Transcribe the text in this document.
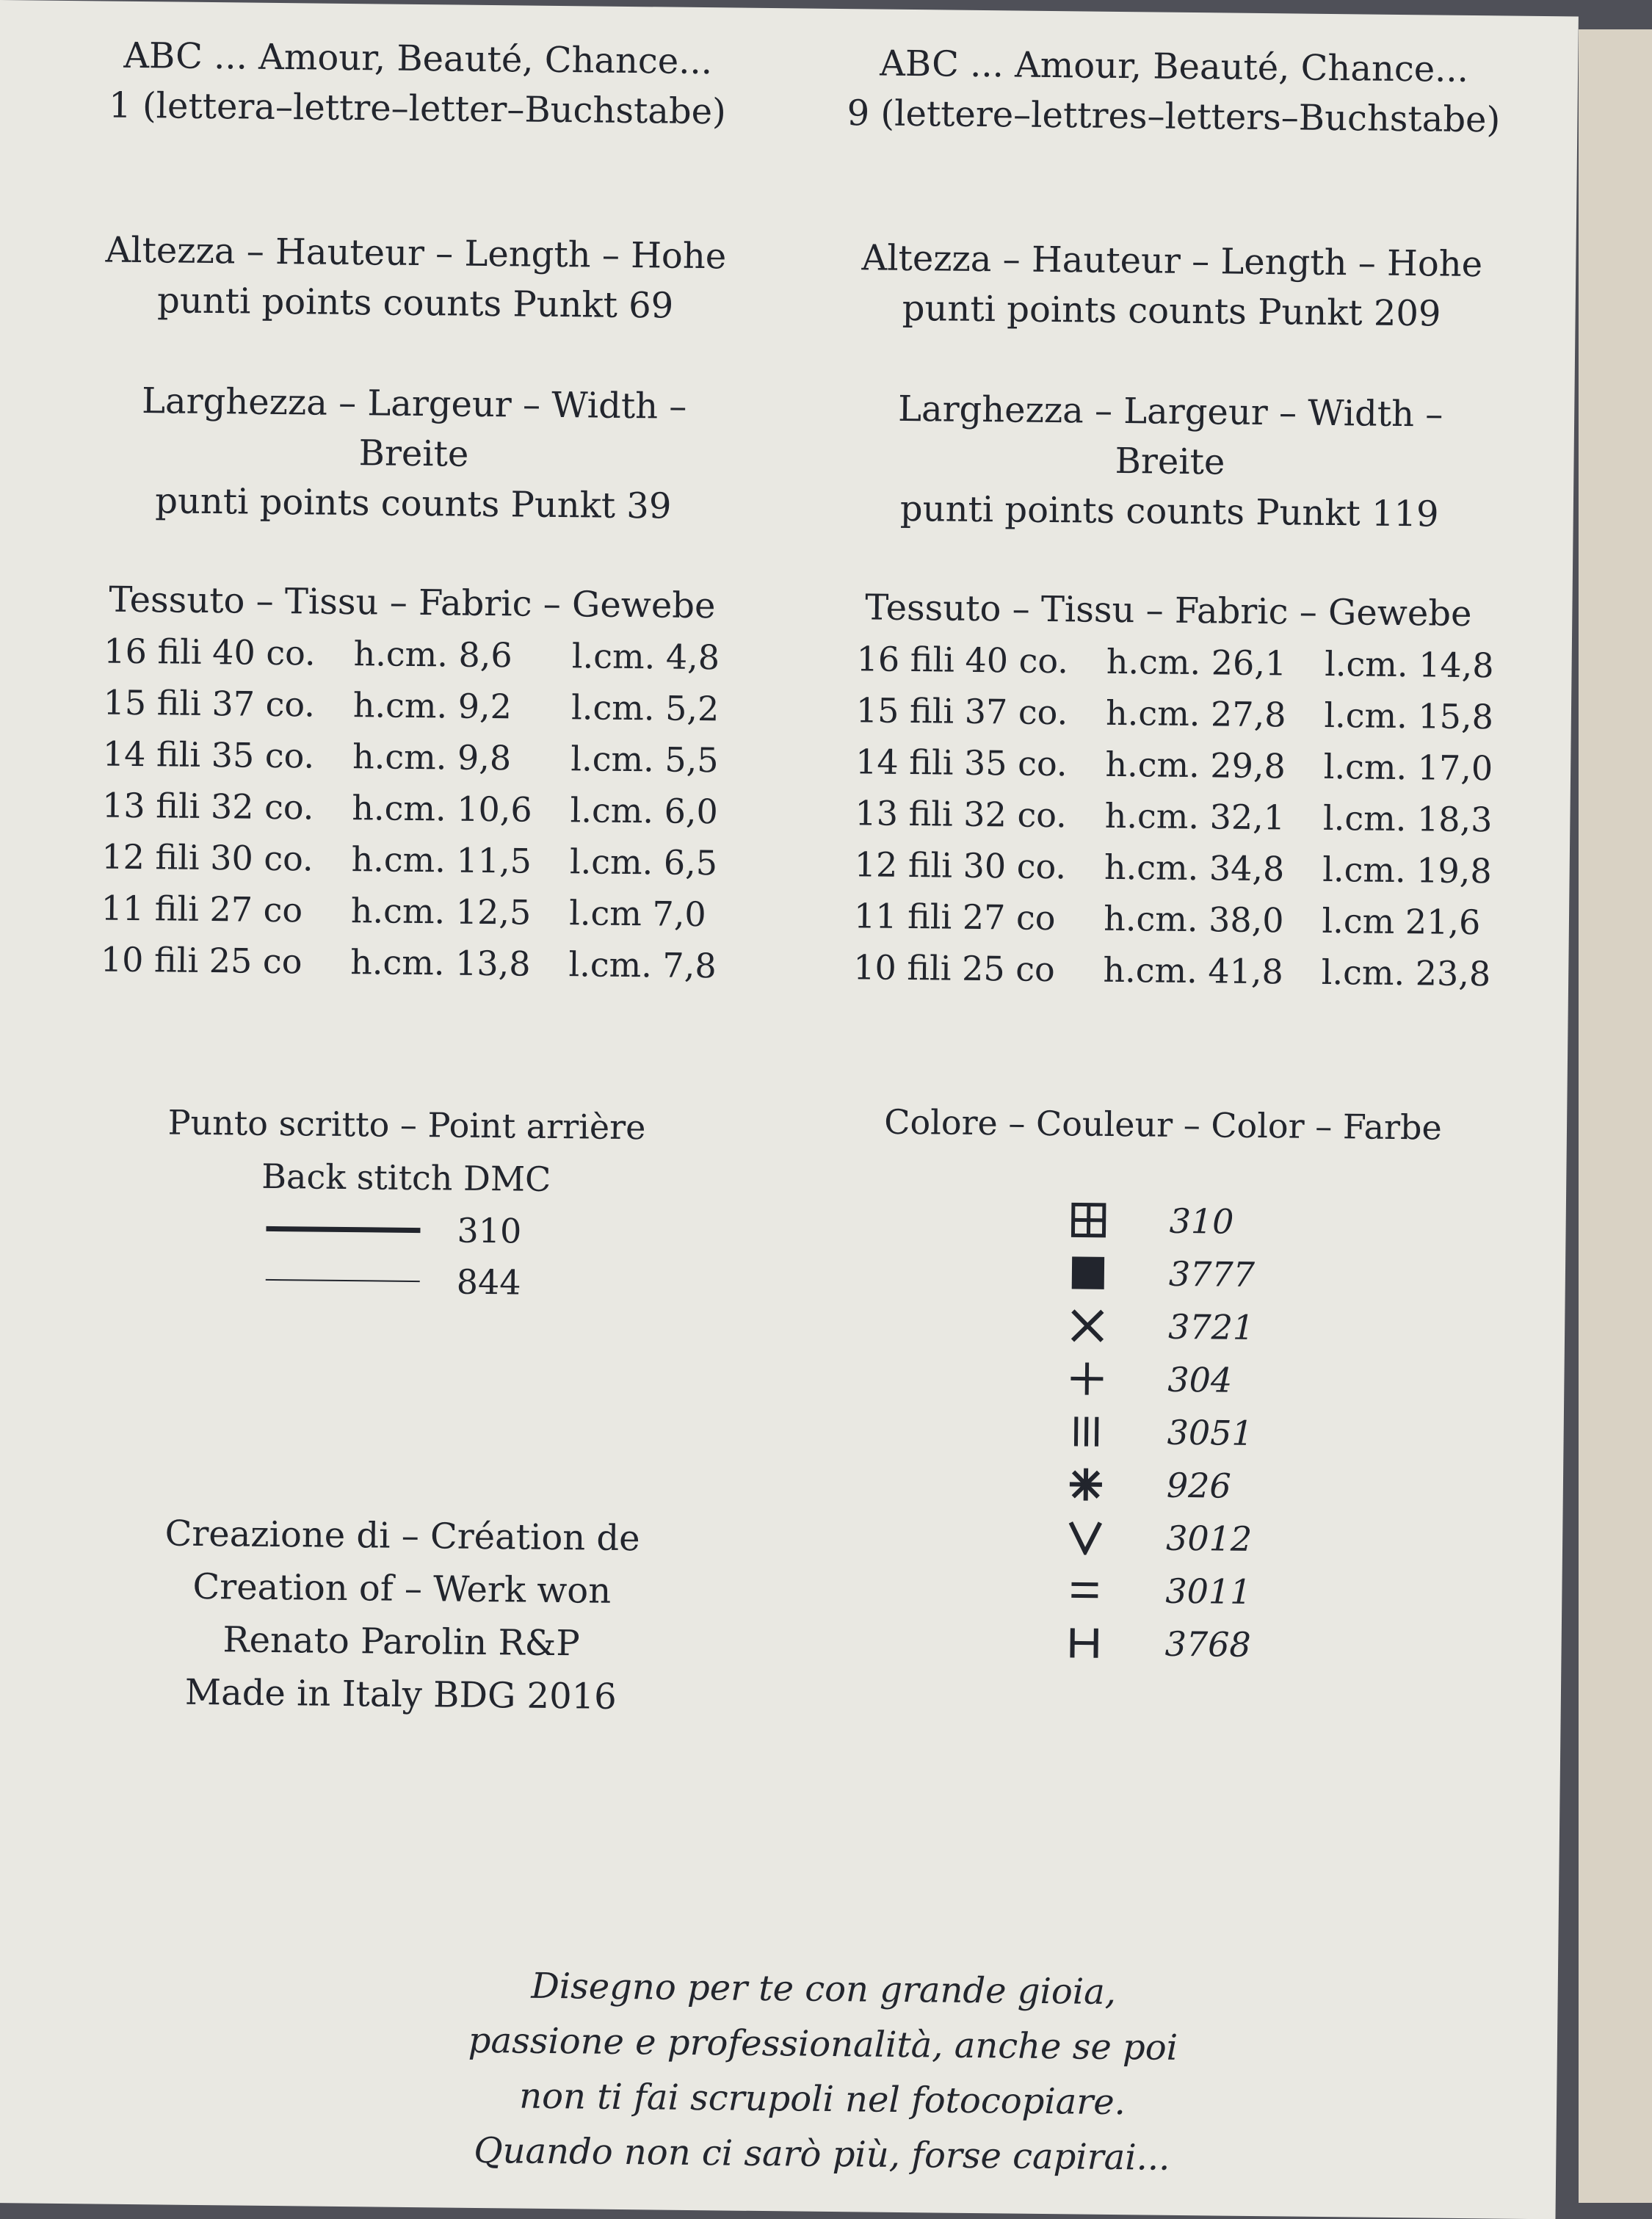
ABC ... Amour, Beauté, Chance...

1 (lettera–lettre–letter–Buchstabe)

Altezza – Hauteur – Length – Hohe

punti points counts Punkt 69

Larghezza – Largeur – Width – Breite

punti points counts Punkt 39

Tessuto – Tissu – Fabric – Gewebe

16 fili 40 co.	h.cm. 8,6	l.cm. 4,8
15 fili 37 co.	h.cm. 9,2	l.cm. 5,2
14 fili 35 co.	h.cm. 9,8	l.cm. 5,5
13 fili 32 co.	h.cm. 10,6	l.cm. 6,0
12 fili 30 co.	h.cm. 11,5	l.cm. 6,5
11 fili 27 co	h.cm. 12,5	l.cm 7,0
10 fili 25 co	h.cm. 13,8	l.cm. 7,8

Punto scritto – Point arrière

Back stitch DMC

310
844

Creazione di – Création de

Creation of – Werk won

Renato Parolin R&P

Made in Italy BDG 2016

ABC ... Amour, Beauté, Chance...

9 (lettere–lettres–letters–Buchstabe)

Altezza – Hauteur – Length – Hohe

punti points counts Punkt 209

Larghezza – Largeur – Width – Breite

punti points counts Punkt 119

Tessuto – Tissu – Fabric – Gewebe

16 fili 40 co.	h.cm. 26,1	l.cm. 14,8
15 fili 37 co.	h.cm. 27,8	l.cm. 15,8
14 fili 35 co.	h.cm. 29,8	l.cm. 17,0
13 fili 32 co.	h.cm. 32,1	l.cm. 18,3
12 fili 30 co.	h.cm. 34,8	l.cm. 19,8
11 fili 27 co	h.cm. 38,0	l.cm 21,6
10 fili 25 co	h.cm. 41,8	l.cm. 23,8

Colore – Couleur – Color – Farbe

310
3777
3721
304
3051
926
3012
3011
3768

Disegno per te con grande gioia,

passione e professionalità, anche se poi

non ti fai scrupoli nel fotocopiare.

Quando non ci sarò più, forse capirai...
